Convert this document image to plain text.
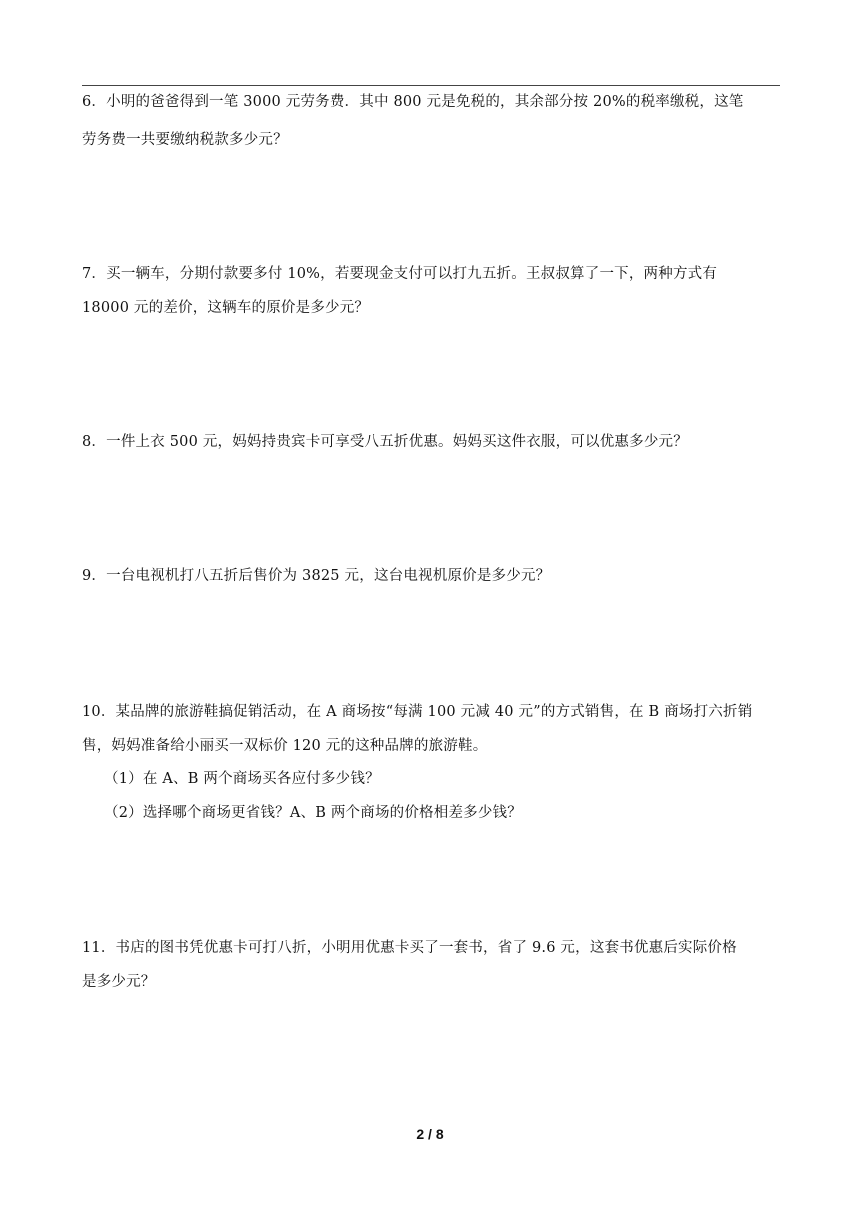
6．小明的爸爸得到一笔 3000 元劳务费．其中 800 元是免税的，其余部分按 20%的税率缴税，这笔
劳务费一共要缴纳税款多少元？
7．买一辆车，分期付款要多付 10%，若要现金支付可以打九五折。王叔叔算了一下，两种方式有
18000 元的差价，这辆车的原价是多少元？
8．一件上衣 500 元，妈妈持贵宾卡可享受八五折优惠。妈妈买这件衣服，可以优惠多少元？
9．一台电视机打八五折后售价为 3825 元，这台电视机原价是多少元？
10．某品牌的旅游鞋搞促销活动，在 A 商场按“每满 100 元减 40 元”的方式销售，在 B 商场打六折销
售，妈妈准备给小丽买一双标价 120 元的这种品牌的旅游鞋。
（1）在 A、B 两个商场买各应付多少钱？
（2）选择哪个商场更省钱？A、B 两个商场的价格相差多少钱？
11．书店的图书凭优惠卡可打八折，小明用优惠卡买了一套书，省了 9.6 元，这套书优惠后实际价格
是多少元？
2 / 8
